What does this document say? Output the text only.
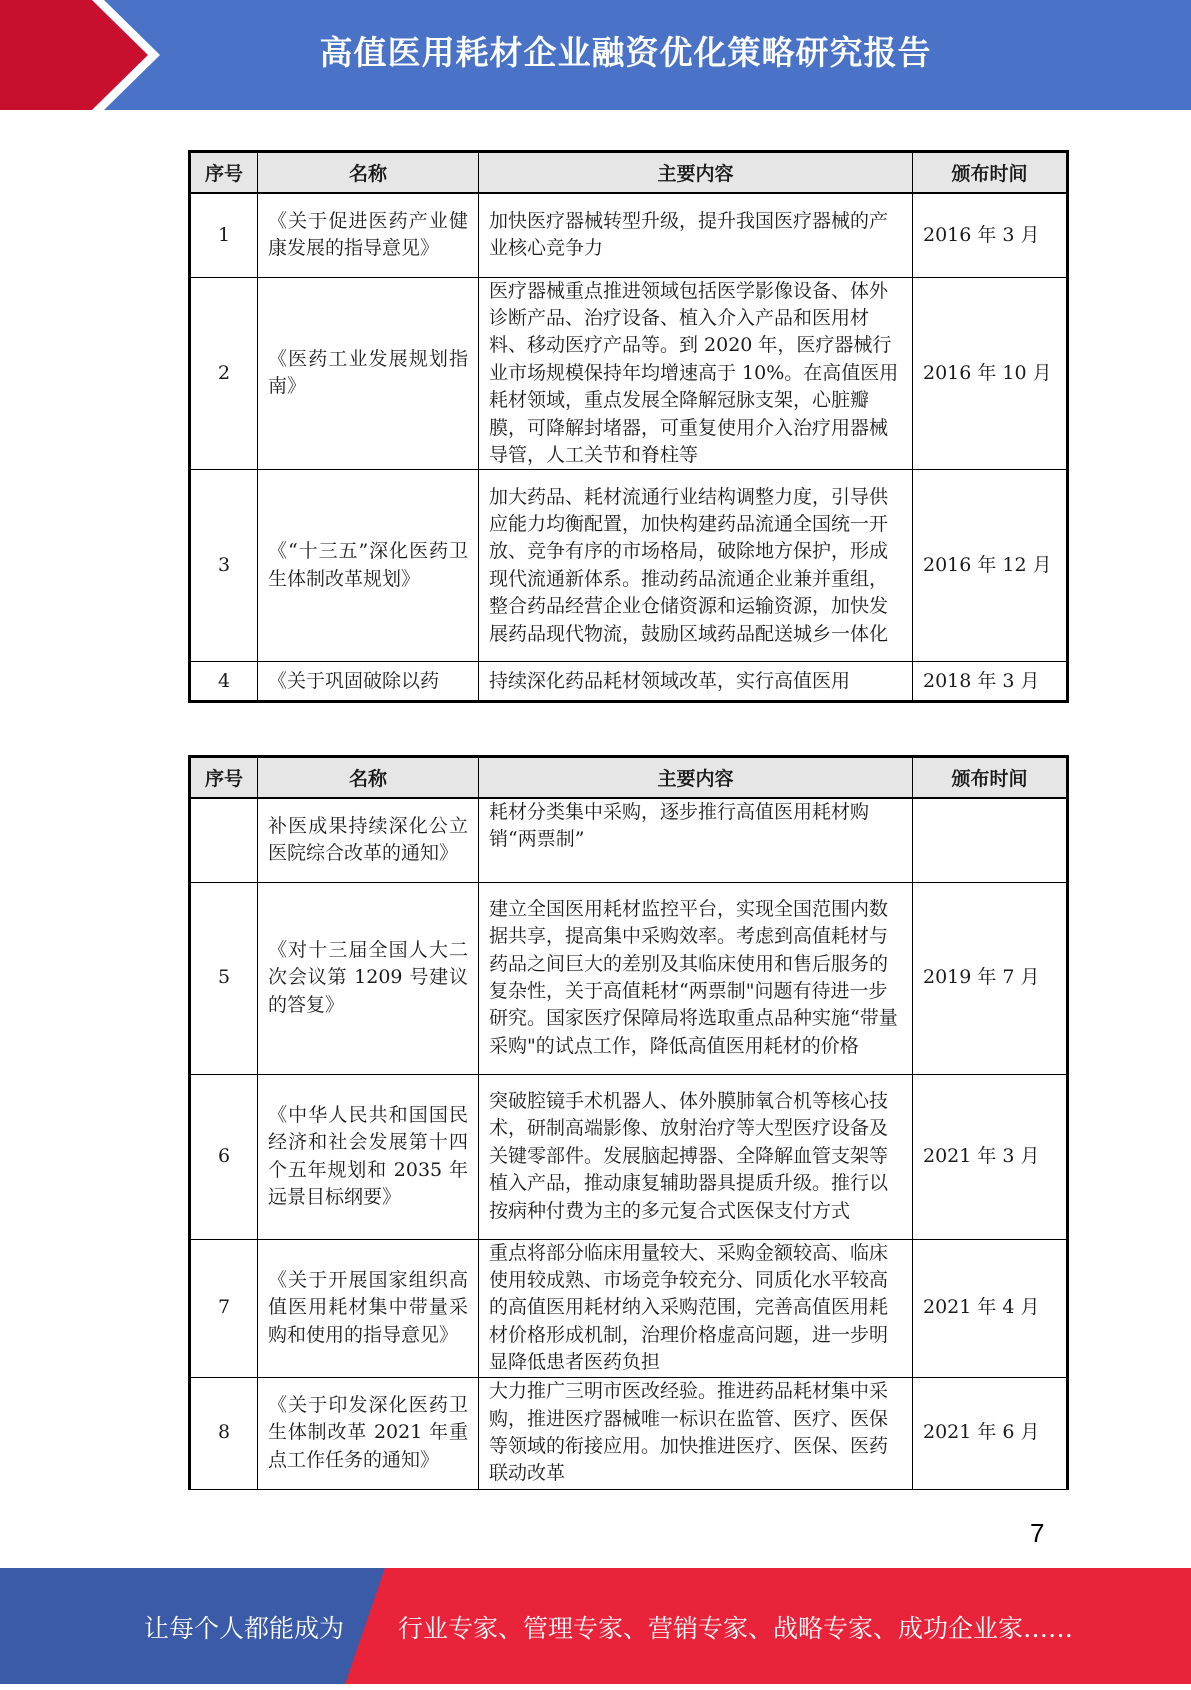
高值医用耗材企业融资优化策略研究报告
序号	名称	主要内容	颁布时间
1	《关于促进医药产业健康发展的指导意见》	加快医疗器械转型升级，提升我国医疗器械的产业核心竞争力	2016 年 3 月
2	《医药工业发展规划指南》	医疗器械重点推进领域包括医学影像设备、体外诊断产品、治疗设备、植入介入产品和医用材料、移动医疗产品等。到 2020 年，医疗器械行业市场规模保持年均增速高于 10%。在高值医用耗材领域，重点发展全降解冠脉支架，心脏瓣膜，可降解封堵器，可重复使用介入治疗用器械导管，人工关节和脊柱等	2016 年 10 月
3	《“十三五”深化医药卫生体制改革规划》	加大药品、耗材流通行业结构调整力度，引导供应能力均衡配置，加快构建药品流通全国统一开放、竞争有序的市场格局，破除地方保护，形成现代流通新体系。推动药品流通企业兼并重组，整合药品经营企业仓储资源和运输资源，加快发展药品现代物流，鼓励区域药品配送城乡一体化	2016 年 12 月
4	《关于巩固破除以药	持续深化药品耗材领域改革，实行高值医用	2018 年 3 月
序号	名称	主要内容	颁布时间
	补医成果持续深化公立医院综合改革的通知》	耗材分类集中采购，逐步推行高值医用耗材购销“两票制”	
5	《对十三届全国人大二次会议第 1209 号建议的答复》	建立全国医用耗材监控平台，实现全国范围内数据共享，提高集中采购效率。考虑到高值耗材与药品之间巨大的差别及其临床使用和售后服务的复杂性，关于高值耗材“两票制"问题有待进一步研究。国家医疗保障局将选取重点品种实施“带量采购"的试点工作，降低高值医用耗材的价格	2019 年 7 月
6	《中华人民共和国国民经济和社会发展第十四个五年规划和 2035 年远景目标纲要》	突破腔镜手术机器人、体外膜肺氧合机等核心技术，研制高端影像、放射治疗等大型医疗设备及关键零部件。发展脑起搏器、全降解血管支架等植入产品，推动康复辅助器具提质升级。推行以按病种付费为主的多元复合式医保支付方式	2021 年 3 月
7	《关于开展国家组织高值医用耗材集中带量采购和使用的指导意见》	重点将部分临床用量较大、采购金额较高、临床使用较成熟、市场竞争较充分、同质化水平较高的高值医用耗材纳入采购范围，完善高值医用耗材价格形成机制，治理价格虚高问题，进一步明显降低患者医药负担	2021 年 4 月
8	《关于印发深化医药卫生体制改革 2021 年重点工作任务的通知》	大力推广三明市医改经验。推进药品耗材集中采购，推进医疗器械唯一标识在监管、医疗、医保等领域的衔接应用。加快推进医疗、医保、医药联动改革	2021 年 6 月
7
让每个人都能成为 行业专家、管理专家、营销专家、战略专家、成功企业家……
